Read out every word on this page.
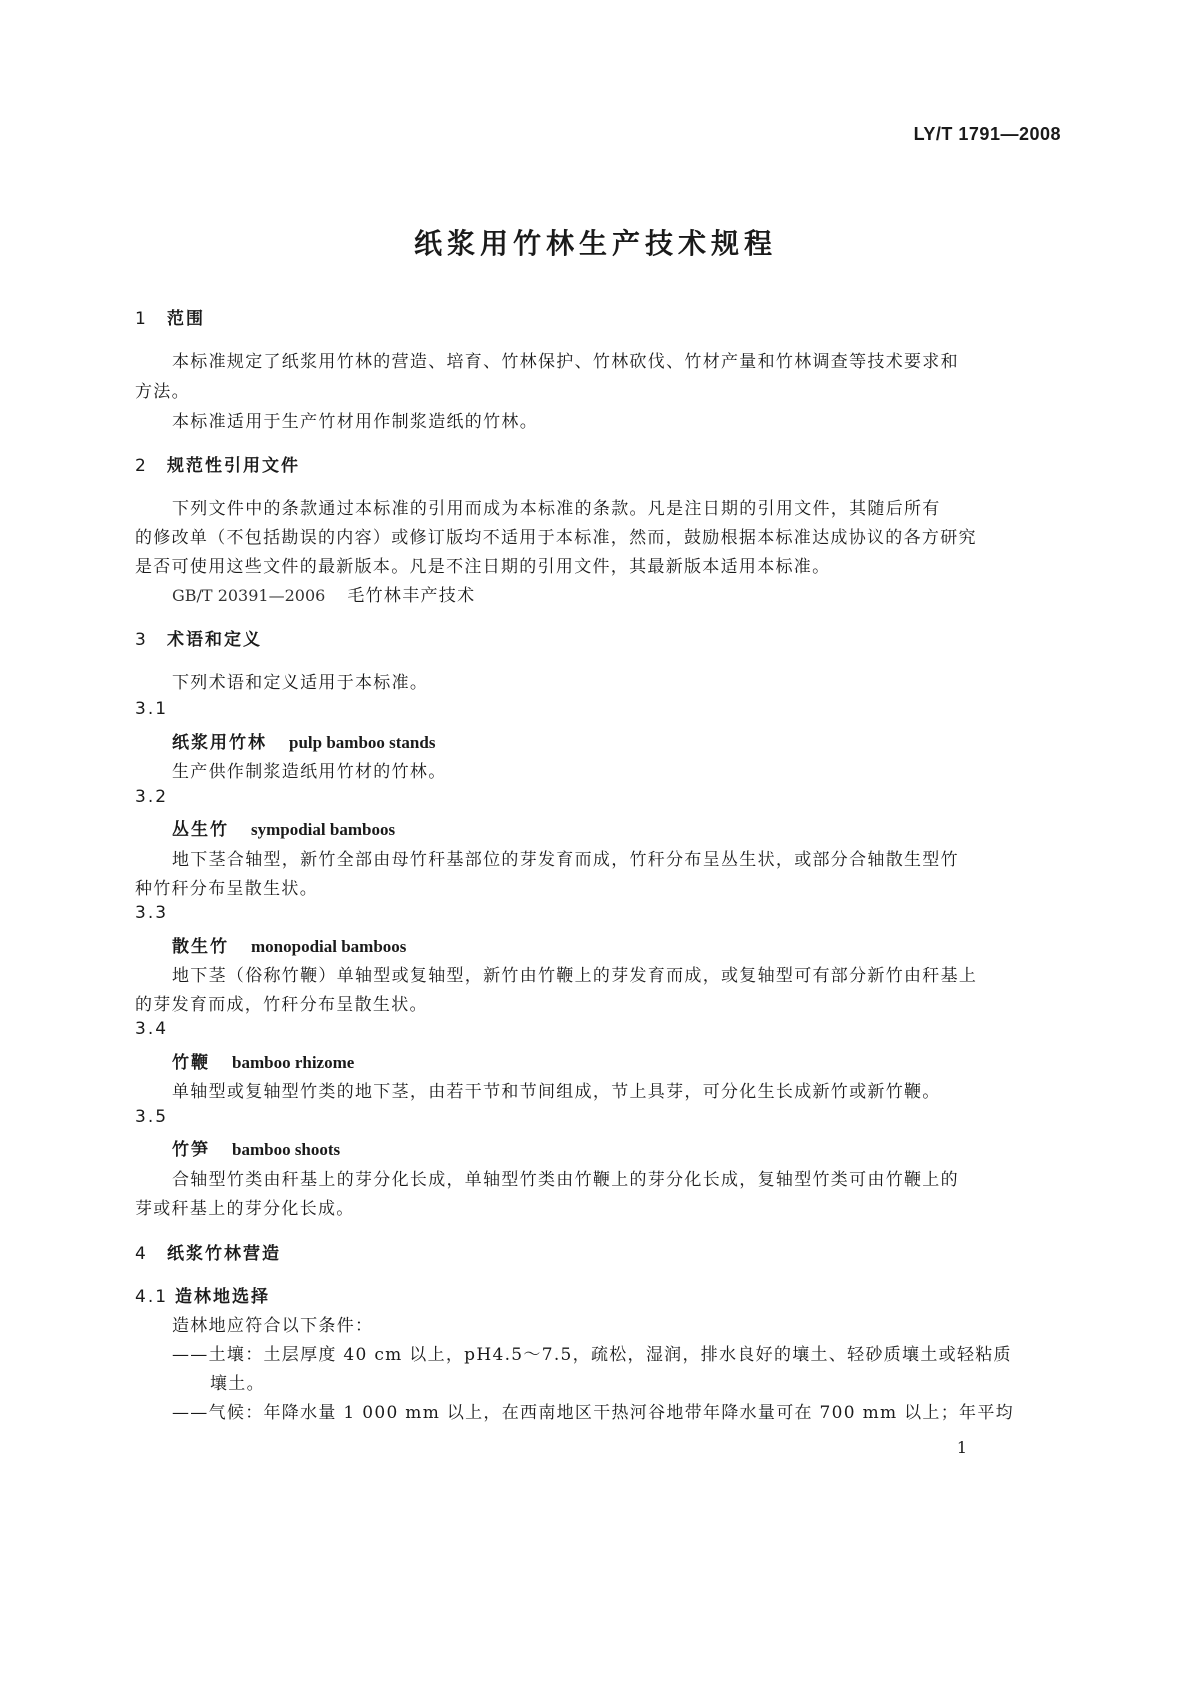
LY/T 1791—2008
纸浆用竹林生产技术规程
1 范围
本标准规定了纸浆用竹林的营造、培育、竹林保护、竹林砍伐、竹材产量和竹林调查等技术要求和
方法。
本标准适用于生产竹材用作制浆造纸的竹林。
2 规范性引用文件
下列文件中的条款通过本标准的引用而成为本标准的条款。凡是注日期的引用文件，其随后所有
的修改单（不包括勘误的内容）或修订版均不适用于本标准，然而，鼓励根据本标准达成协议的各方研究
是否可使用这些文件的最新版本。凡是不注日期的引用文件，其最新版本适用本标准。
GB/T 20391—2006 毛竹林丰产技术
3 术语和定义
下列术语和定义适用于本标准。
3.1
纸浆用竹林 pulp bamboo stands
生产供作制浆造纸用竹材的竹林。
3.2
丛生竹 sympodial bamboos
地下茎合轴型，新竹全部由母竹秆基部位的芽发育而成，竹秆分布呈丛生状，或部分合轴散生型竹
种竹秆分布呈散生状。
3.3
散生竹 monopodial bamboos
地下茎（俗称竹鞭）单轴型或复轴型，新竹由竹鞭上的芽发育而成，或复轴型可有部分新竹由秆基上
的芽发育而成，竹秆分布呈散生状。
3.4
竹鞭 bamboo rhizome
单轴型或复轴型竹类的地下茎，由若干节和节间组成，节上具芽，可分化生长成新竹或新竹鞭。
3.5
竹笋 bamboo shoots
合轴型竹类由秆基上的芽分化长成，单轴型竹类由竹鞭上的芽分化长成，复轴型竹类可由竹鞭上的
芽或秆基上的芽分化长成。
4 纸浆竹林营造
4.1 造林地选择
造林地应符合以下条件：
——土壤：土层厚度 40 cm 以上，pH4.5～7.5，疏松，湿润，排水良好的壤土、轻砂质壤土或轻粘质
壤土。
——气候：年降水量 1 000 mm 以上，在西南地区干热河谷地带年降水量可在 700 mm 以上；年平均
1
